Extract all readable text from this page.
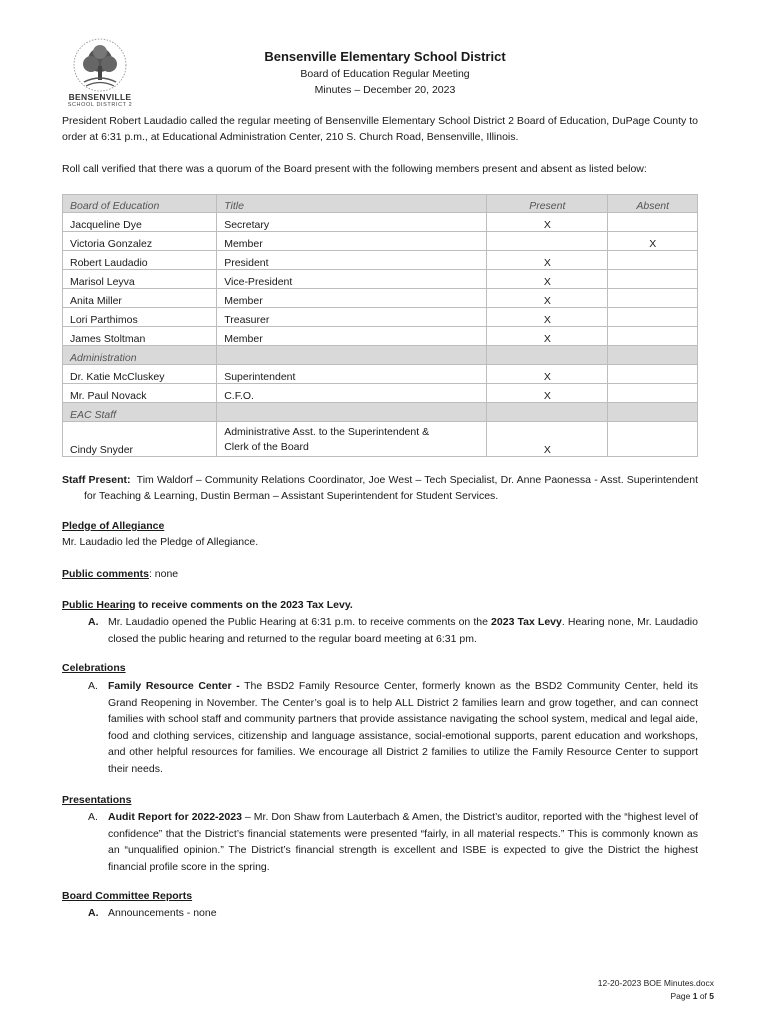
BENSENVILLE
SCHOOL DISTRICT 2
Bensenville Elementary School District
Board of Education Regular Meeting
Minutes – December 20, 2023
President Robert Laudadio called the regular meeting of Bensenville Elementary School District 2 Board of Education, DuPage County to order at 6:31 p.m., at Educational Administration Center, 210 S. Church Road, Bensenville, Illinois.
Roll call verified that there was a quorum of the Board present with the following members present and absent as listed below:
Board of Education	Title	Present	Absent
Jacqueline Dye	Secretary	X	
Victoria Gonzalez	Member		X
Robert Laudadio	President	X	
Marisol Leyva	Vice-President	X	
Anita Miller	Member	X	
Lori Parthimos	Treasurer	X	
James Stoltman	Member	X	
Administration			
Dr. Katie McCluskey	Superintendent	X	
Mr. Paul Novack	C.F.O.	X	
EAC Staff			
Cindy Snyder	Administrative Asst. to the Superintendent &
Clerk of the Board	X	
Staff Present: Tim Waldorf – Community Relations Coordinator, Joe West – Tech Specialist, Dr. Anne Paonessa - Asst. Superintendent for Teaching & Learning, Dustin Berman – Assistant Superintendent for Student Services.
Pledge of Allegiance
Mr. Laudadio led the Pledge of Allegiance.
Public comments: none
Public Hearing to receive comments on the 2023 Tax Levy.
A. Mr. Laudadio opened the Public Hearing at 6:31 p.m. to receive comments on the 2023 Tax Levy. Hearing none, Mr. Laudadio closed the public hearing and returned to the regular board meeting at 6:31 pm.
Celebrations
A. Family Resource Center - The BSD2 Family Resource Center, formerly known as the BSD2 Community Center, held its Grand Reopening in November. The Center’s goal is to help ALL District 2 families learn and grow together, and can connect families with school staff and community partners that provide assistance navigating the school system, medical and legal aide, food and clothing services, citizenship and language assistance, social-emotional supports, parent education and workshops, and other helpful resources for families. We encourage all District 2 families to utilize the Family Resource Center to support their needs.
Presentations
A. Audit Report for 2022-2023 – Mr. Don Shaw from Lauterbach & Amen, the District’s auditor, reported with the “highest level of confidence” that the District’s financial statements were presented “fairly, in all material respects.” This is commonly known as an “unqualified opinion.” The District’s financial strength is excellent and ISBE is expected to give the District the highest financial profile score in the spring.
Board Committee Reports
A. Announcements - none
12-20-2023 BOE Minutes.docx
Page 1 of 5
